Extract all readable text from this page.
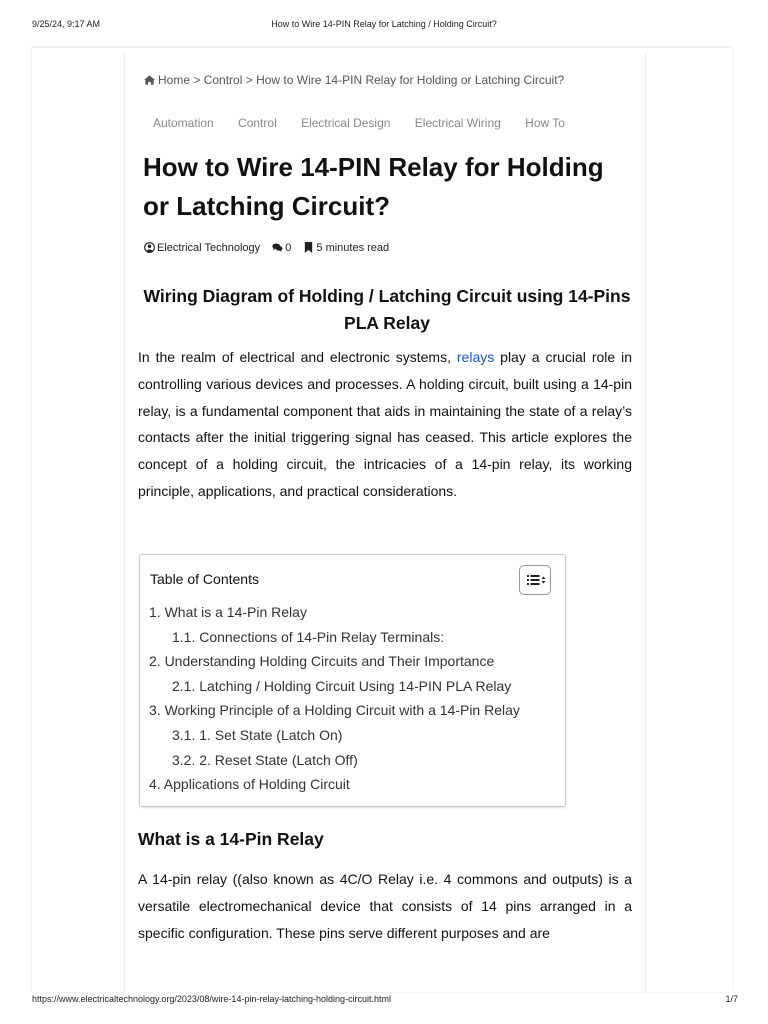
9/25/24, 9:17 AM	How to Wire 14-PIN Relay for Latching / Holding Circuit?
Home > Control > How to Wire 14-PIN Relay for Holding or Latching Circuit?
Automation Control Electrical Design Electrical Wiring How To
How to Wire 14-PIN Relay for Holding or Latching Circuit?
Electrical Technology 0 5 minutes read
Wiring Diagram of Holding / Latching Circuit using 14-Pins PLA Relay

In the realm of electrical and electronic systems, relays play a crucial role in controlling various devices and processes. A holding circuit, built using a 14-pin relay, is a fundamental component that aids in maintaining the state of a relay’s contacts after the initial triggering signal has ceased. This article explores the concept of a holding circuit, the intricacies of a 14-pin relay, its working principle, applications, and practical considerations.

Table of Contents
1. What is a 14-Pin Relay
1.1. Connections of 14-Pin Relay Terminals:
2. Understanding Holding Circuits and Their Importance
2.1. Latching / Holding Circuit Using 14-PIN PLA Relay
3. Working Principle of a Holding Circuit with a 14-Pin Relay
3.1. 1. Set State (Latch On)
3.2. 2. Reset State (Latch Off)
4. Applications of Holding Circuit
What is a 14-Pin Relay

A 14-pin relay ((also known as 4C/O Relay i.e. 4 commons and outputs) is a versatile electromechanical device that consists of 14 pins arranged in a specific configuration. These pins serve different purposes and are

https://www.electricaltechnology.org/2023/08/wire-14-pin-relay-latching-holding-circuit.html	1/7
